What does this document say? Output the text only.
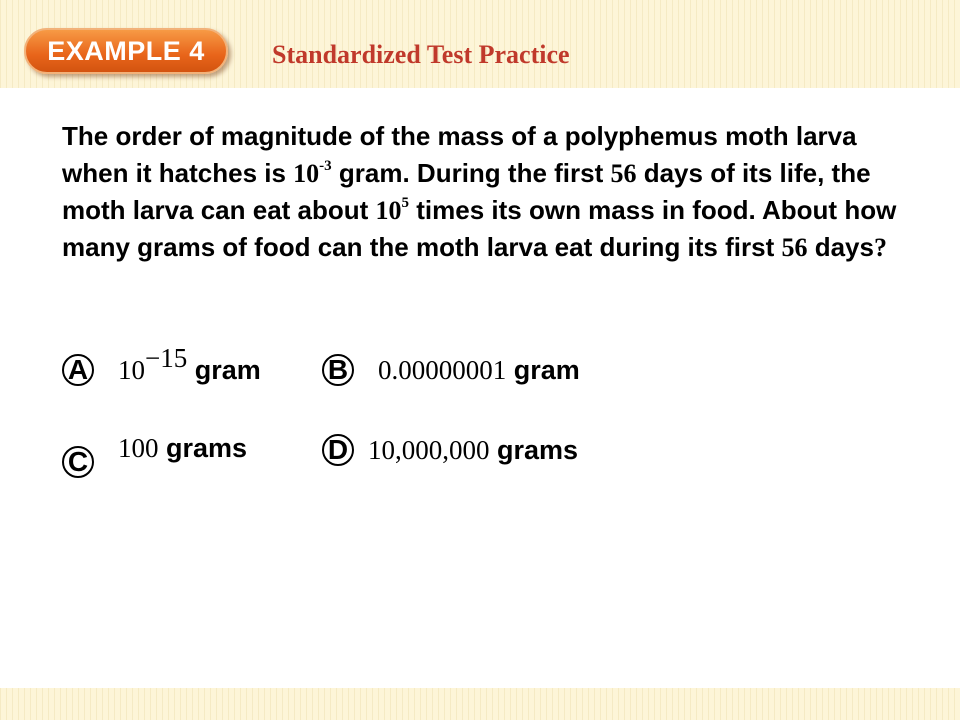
EXAMPLE 4	Standardized Test Practice
The order of magnitude of the mass of a polyphemus moth larva when it hatches is $10^{-3}$ gram. During the first 56 days of its life, the moth larva can eat about $10^5$ times its own mass in food. About how many grams of food can the moth larva eat during its first 56 days?
A $10^{-15}$ gram B 0.00000001 gram
C 100 grams	D 10,000,000 grams
